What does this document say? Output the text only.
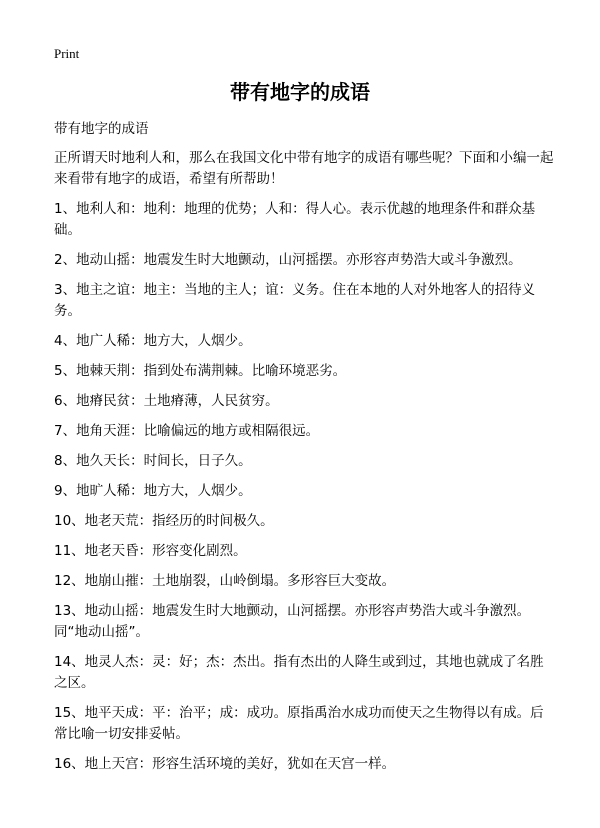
Print
带有地字的成语
带有地字的成语

正所谓天时地利人和，那么在我国文化中带有地字的成语有哪些呢？下面和小编一起来看带有地字的成语，希望有所帮助！

1、地利人和：地利：地理的优势；人和：得人心。表示优越的地理条件和群众基础。

2、地动山摇：地震发生时大地颤动，山河摇摆。亦形容声势浩大或斗争激烈。

3、地主之谊：地主：当地的主人；谊：义务。住在本地的人对外地客人的招待义务。

4、地广人稀：地方大，人烟少。

5、地棘天荆：指到处布满荆棘。比喻环境恶劣。

6、地瘠民贫：土地瘠薄，人民贫穷。

7、地角天涯：比喻偏远的地方或相隔很远。

8、地久天长：时间长，日子久。

9、地旷人稀：地方大，人烟少。

10、地老天荒：指经历的时间极久。

11、地老天昏：形容变化剧烈。

12、地崩山摧：土地崩裂，山岭倒塌。多形容巨大变故。

13、地动山摇：地震发生时大地颤动，山河摇摆。亦形容声势浩大或斗争激烈。同“地动山摇”。

14、地灵人杰：灵：好；杰：杰出。指有杰出的人降生或到过，其地也就成了名胜之区。

15、地平天成：平：治平；成：成功。原指禹治水成功而使天之生物得以有成。后常比喻一切安排妥帖。

16、地上天宫：形容生活环境的美好，犹如在天宫一样。
